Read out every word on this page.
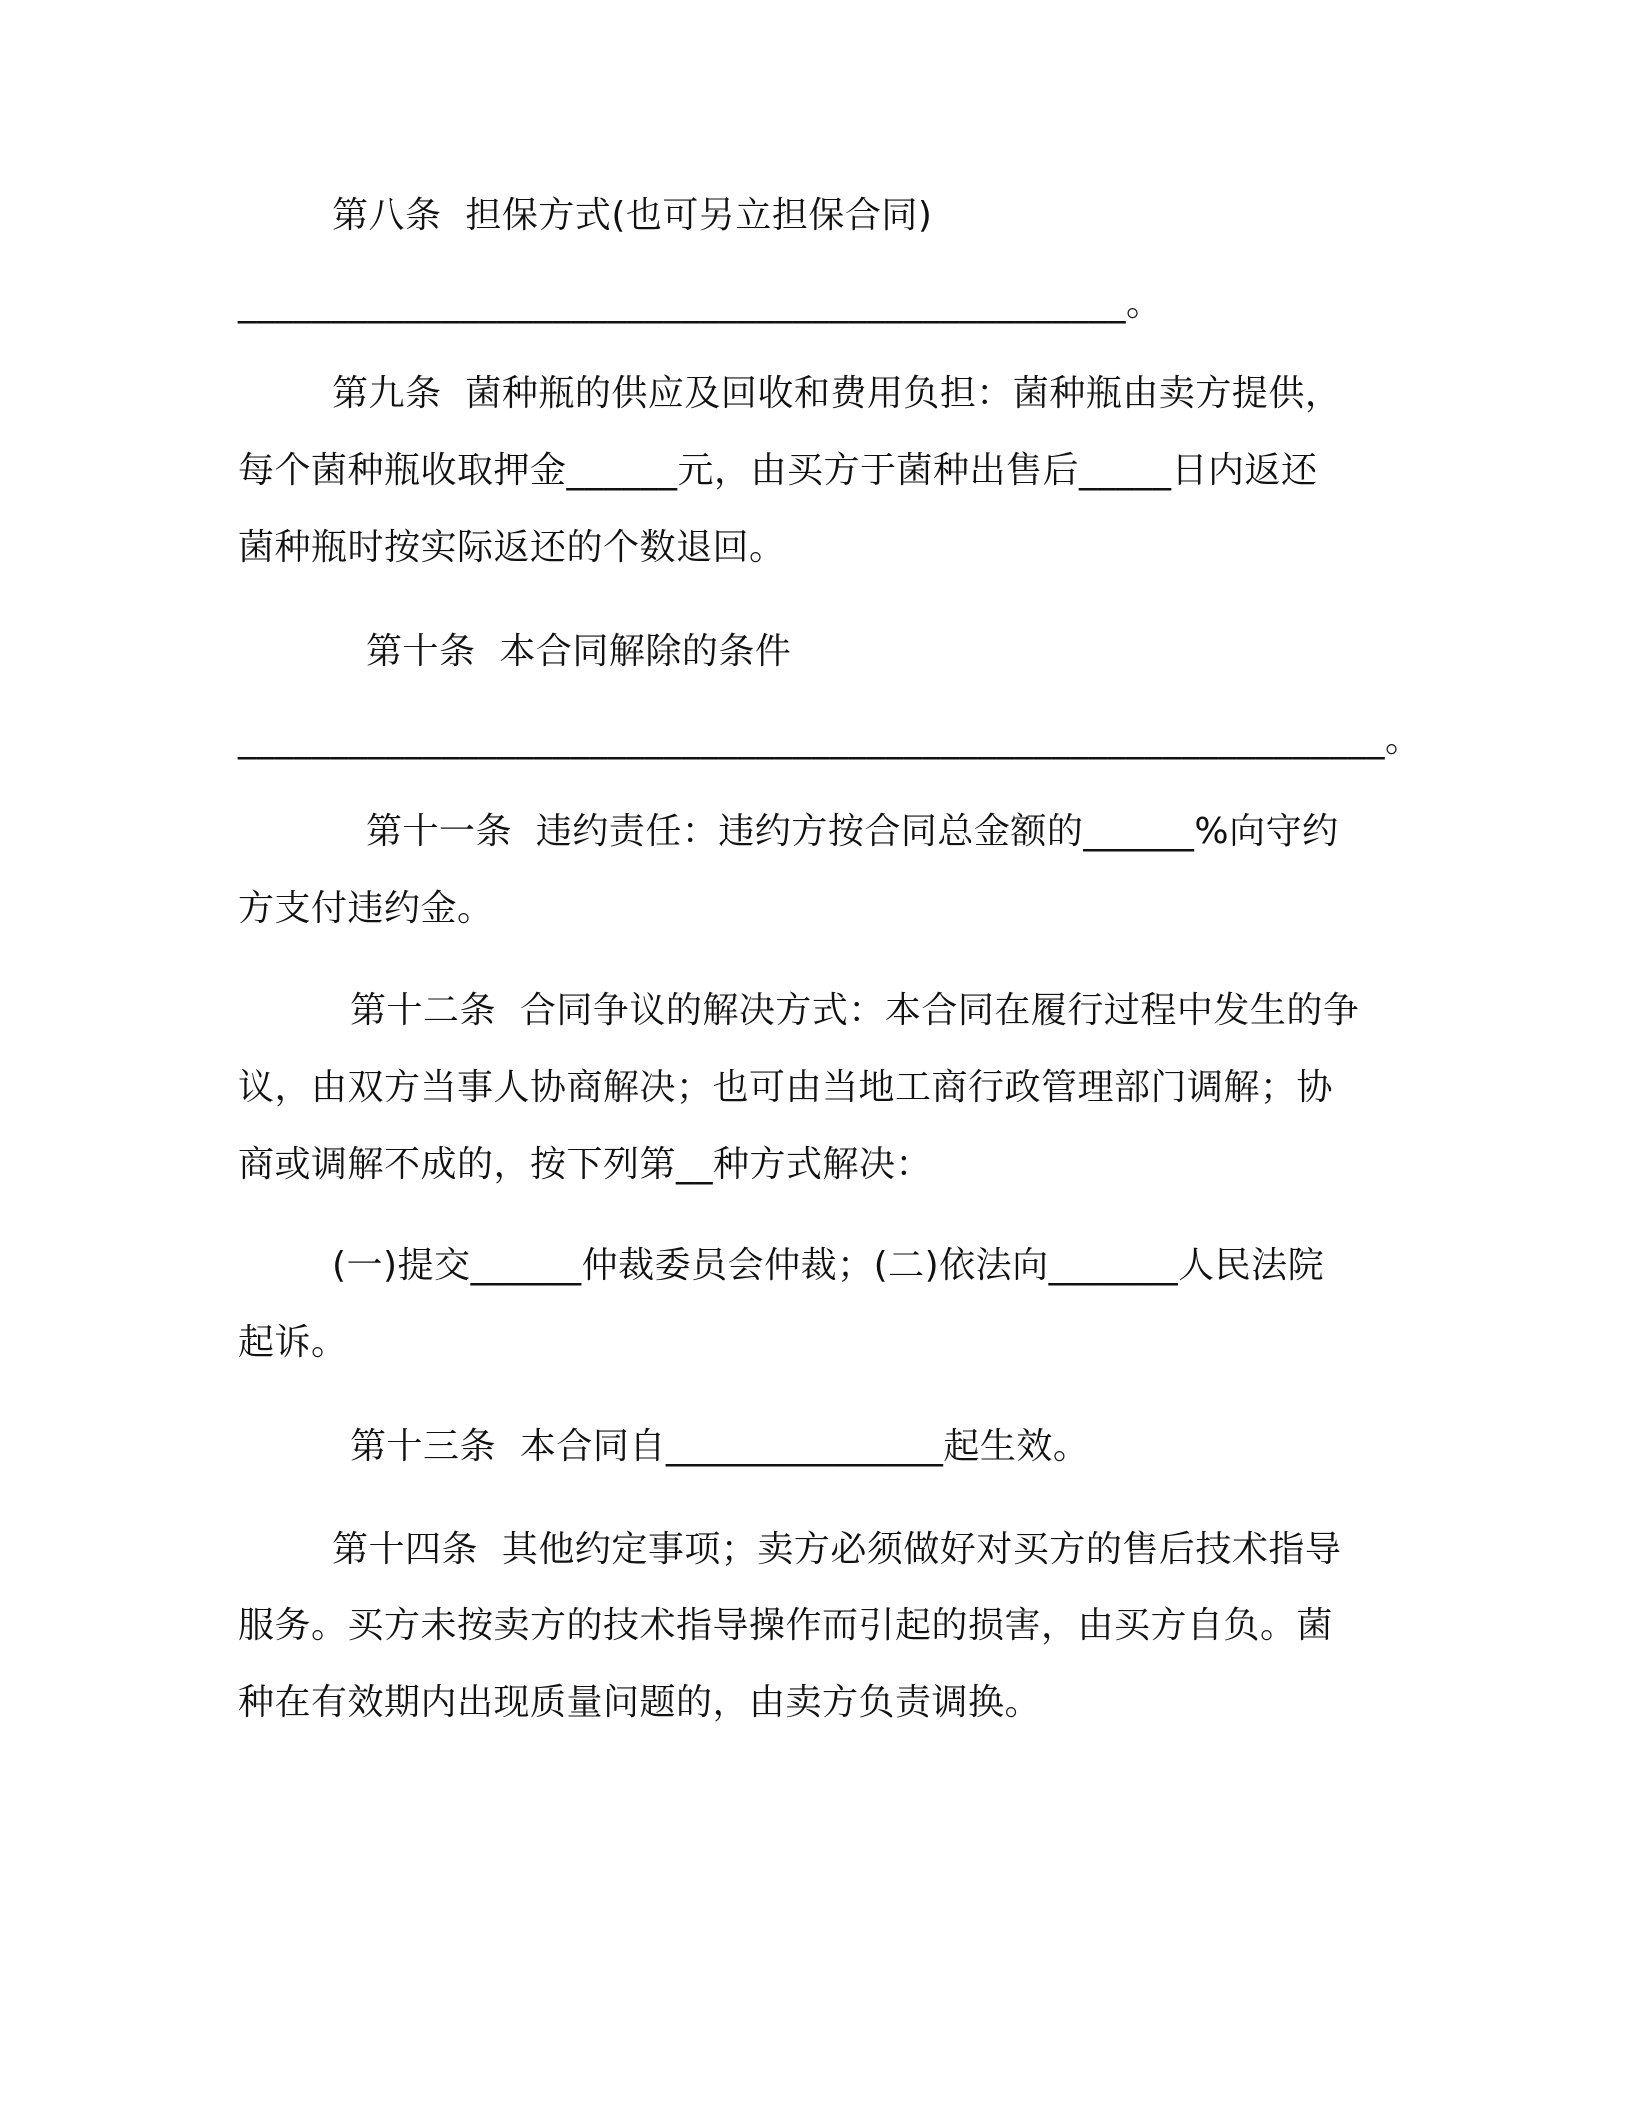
第八条  担保方式(也可另立担保合同)
________________________________________________。
第九条  菌种瓶的供应及回收和费用负担：菌种瓶由卖方提供，
每个菌种瓶收取押金______元，由买方于菌种出售后_____日内返还
菌种瓶时按实际返还的个数退回。
第十条  本合同解除的条件
______________________________________________________________。
第十一条  违约责任：违约方按合同总金额的______%向守约
方支付违约金。
第十二条  合同争议的解决方式：本合同在履行过程中发生的争
议，由双方当事人协商解决；也可由当地工商行政管理部门调解；协
商或调解不成的，按下列第__种方式解决：
(一)提交______仲裁委员会仲裁；(二)依法向_______人民法院
起诉。
第十三条  本合同自_______________起生效。
第十四条  其他约定事项；卖方必须做好对买方的售后技术指导
服务。买方未按卖方的技术指导操作而引起的损害，由买方自负。菌
种在有效期内出现质量问题的，由卖方负责调换。
